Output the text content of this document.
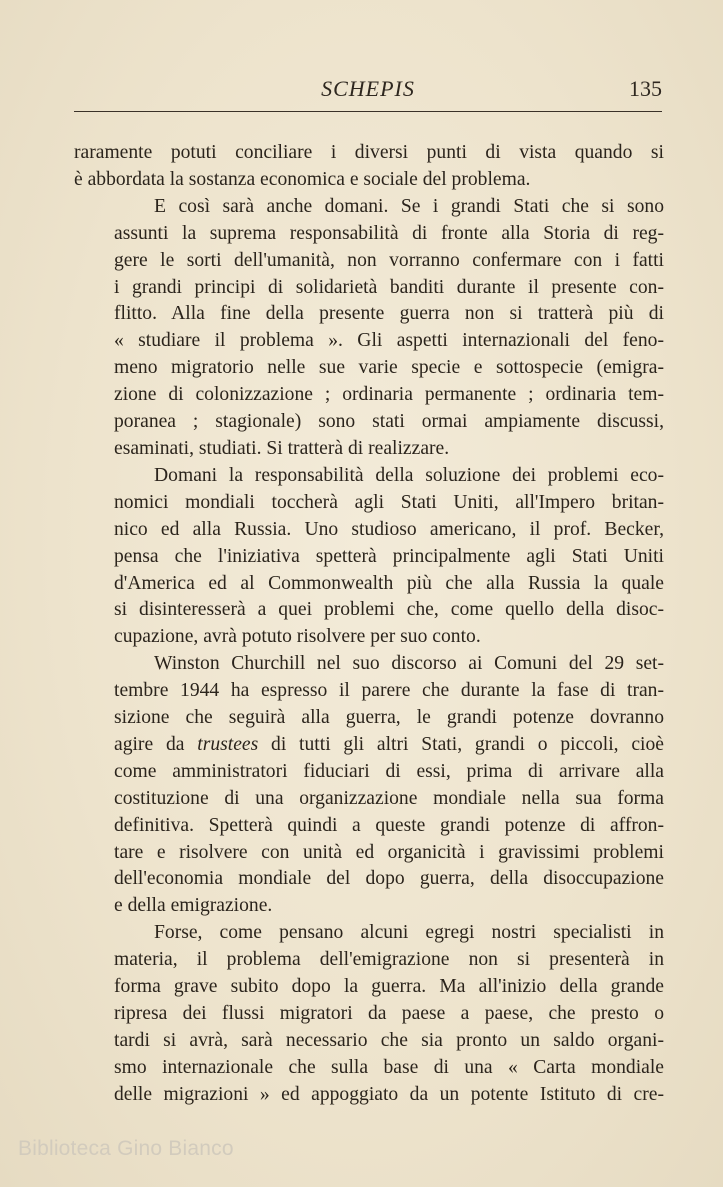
SCHEPIS	135
raramente potuti conciliare i diversi punti di vista quando si
è abbordata la sostanza economica e sociale del problema.
E così sarà anche domani. Se i grandi Stati che si sono
assunti la suprema responsabilità di fronte alla Storia di reg-
gere le sorti dell'umanità, non vorranno confermare con i fatti
i grandi principi di solidarietà banditi durante il presente con-
flitto. Alla fine della presente guerra non si tratterà più di
« studiare il problema ». Gli aspetti internazionali del feno-
meno migratorio nelle sue varie specie e sottospecie (emigra-
zione di colonizzazione ; ordinaria permanente ; ordinaria tem-
poranea ; stagionale) sono stati ormai ampiamente discussi,
esaminati, studiati. Si tratterà di realizzare.
Domani la responsabilità della soluzione dei problemi eco-
nomici mondiali toccherà agli Stati Uniti, all'Impero britan-
nico ed alla Russia. Uno studioso americano, il prof. Becker,
pensa che l'iniziativa spetterà principalmente agli Stati Uniti
d'America ed al Commonwealth più che alla Russia la quale
si disinteresserà a quei problemi che, come quello della disoc-
cupazione, avrà potuto risolvere per suo conto.
Winston Churchill nel suo discorso ai Comuni del 29 set-
tembre 1944 ha espresso il parere che durante la fase di tran-
sizione che seguirà alla guerra, le grandi potenze dovranno
agire da trustees di tutti gli altri Stati, grandi o piccoli, cioè
come amministratori fiduciari di essi, prima di arrivare alla
costituzione di una organizzazione mondiale nella sua forma
definitiva. Spetterà quindi a queste grandi potenze di affron-
tare e risolvere con unità ed organicità i gravissimi problemi
dell'economia mondiale del dopo guerra, della disoccupazione
e della emigrazione.
Forse, come pensano alcuni egregi nostri specialisti in
materia, il problema dell'emigrazione non si presenterà in
forma grave subito dopo la guerra. Ma all'inizio della grande
ripresa dei flussi migratori da paese a paese, che presto o
tardi si avrà, sarà necessario che sia pronto un saldo organi-
smo internazionale che sulla base di una « Carta mondiale
delle migrazioni » ed appoggiato da un potente Istituto di cre-
Biblioteca Gino Bianco
